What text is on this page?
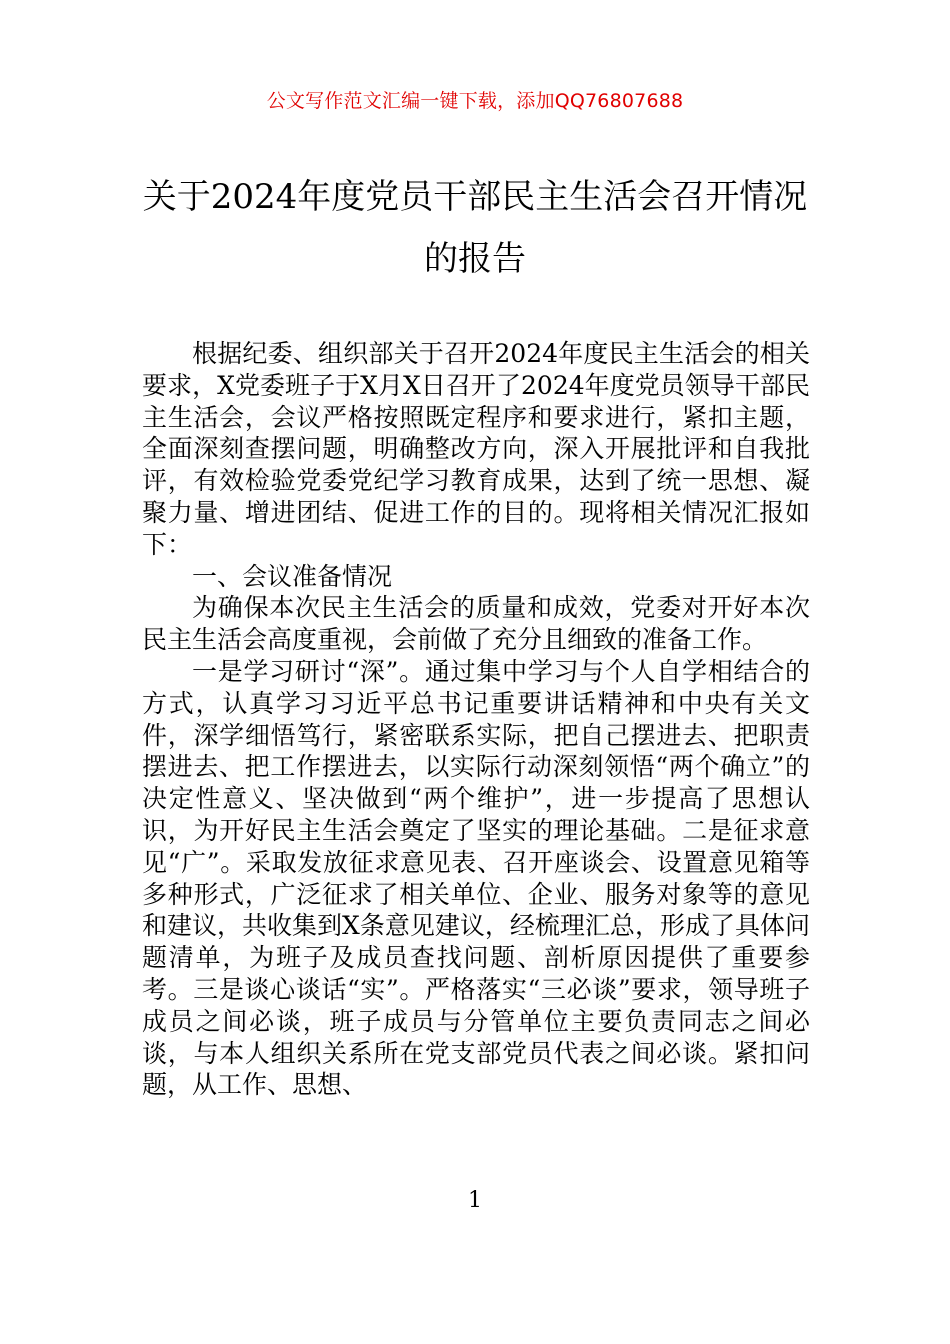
公文写作范文汇编一键下载，添加QQ76807688
关于2024年度党员干部民主生活会召开情况的报告

根据纪委、组织部关于召开2024年度民主生活会的相关要求，X党委班子于X月X日召开了2024年度党员领导干部民主生活会，会议严格按照既定程序和要求进行，紧扣主题，全面深刻查摆问题，明确整改方向，深入开展批评和自我批评，有效检验党委党纪学习教育成果，达到了统一思想、凝聚力量、增进团结、促进工作的目的。现将相关情况汇报如下：

一、会议准备情况

为确保本次民主生活会的质量和成效，党委对开好本次民主生活会高度重视，会前做了充分且细致的准备工作。

一是学习研讨“深”。通过集中学习与个人自学相结合的方式，认真学习习近平总书记重要讲话精神和中央有关文件，深学细悟笃行，紧密联系实际，把自己摆进去、把职责摆进去、把工作摆进去，以实际行动深刻领悟“两个确立”的决定性意义、坚决做到“两个维护”，进一步提高了思想认识，为开好民主生活会奠定了坚实的理论基础。二是征求意见“广”。采取发放征求意见表、召开座谈会、设置意见箱等多种形式，广泛征求了相关单位、企业、服务对象等的意见和建议，共收集到X条意见建议，经梳理汇总，形成了具体问题清单，为班子及成员查找问题、剖析原因提供了重要参考。三是谈心谈话“实”。严格落实“三必谈”要求，领导班子成员之间必谈，班子成员与分管单位主要负责同志之间必谈，与本人组织关系所在党支部党员代表之间必谈。紧扣问题，从工作、思想、

1
